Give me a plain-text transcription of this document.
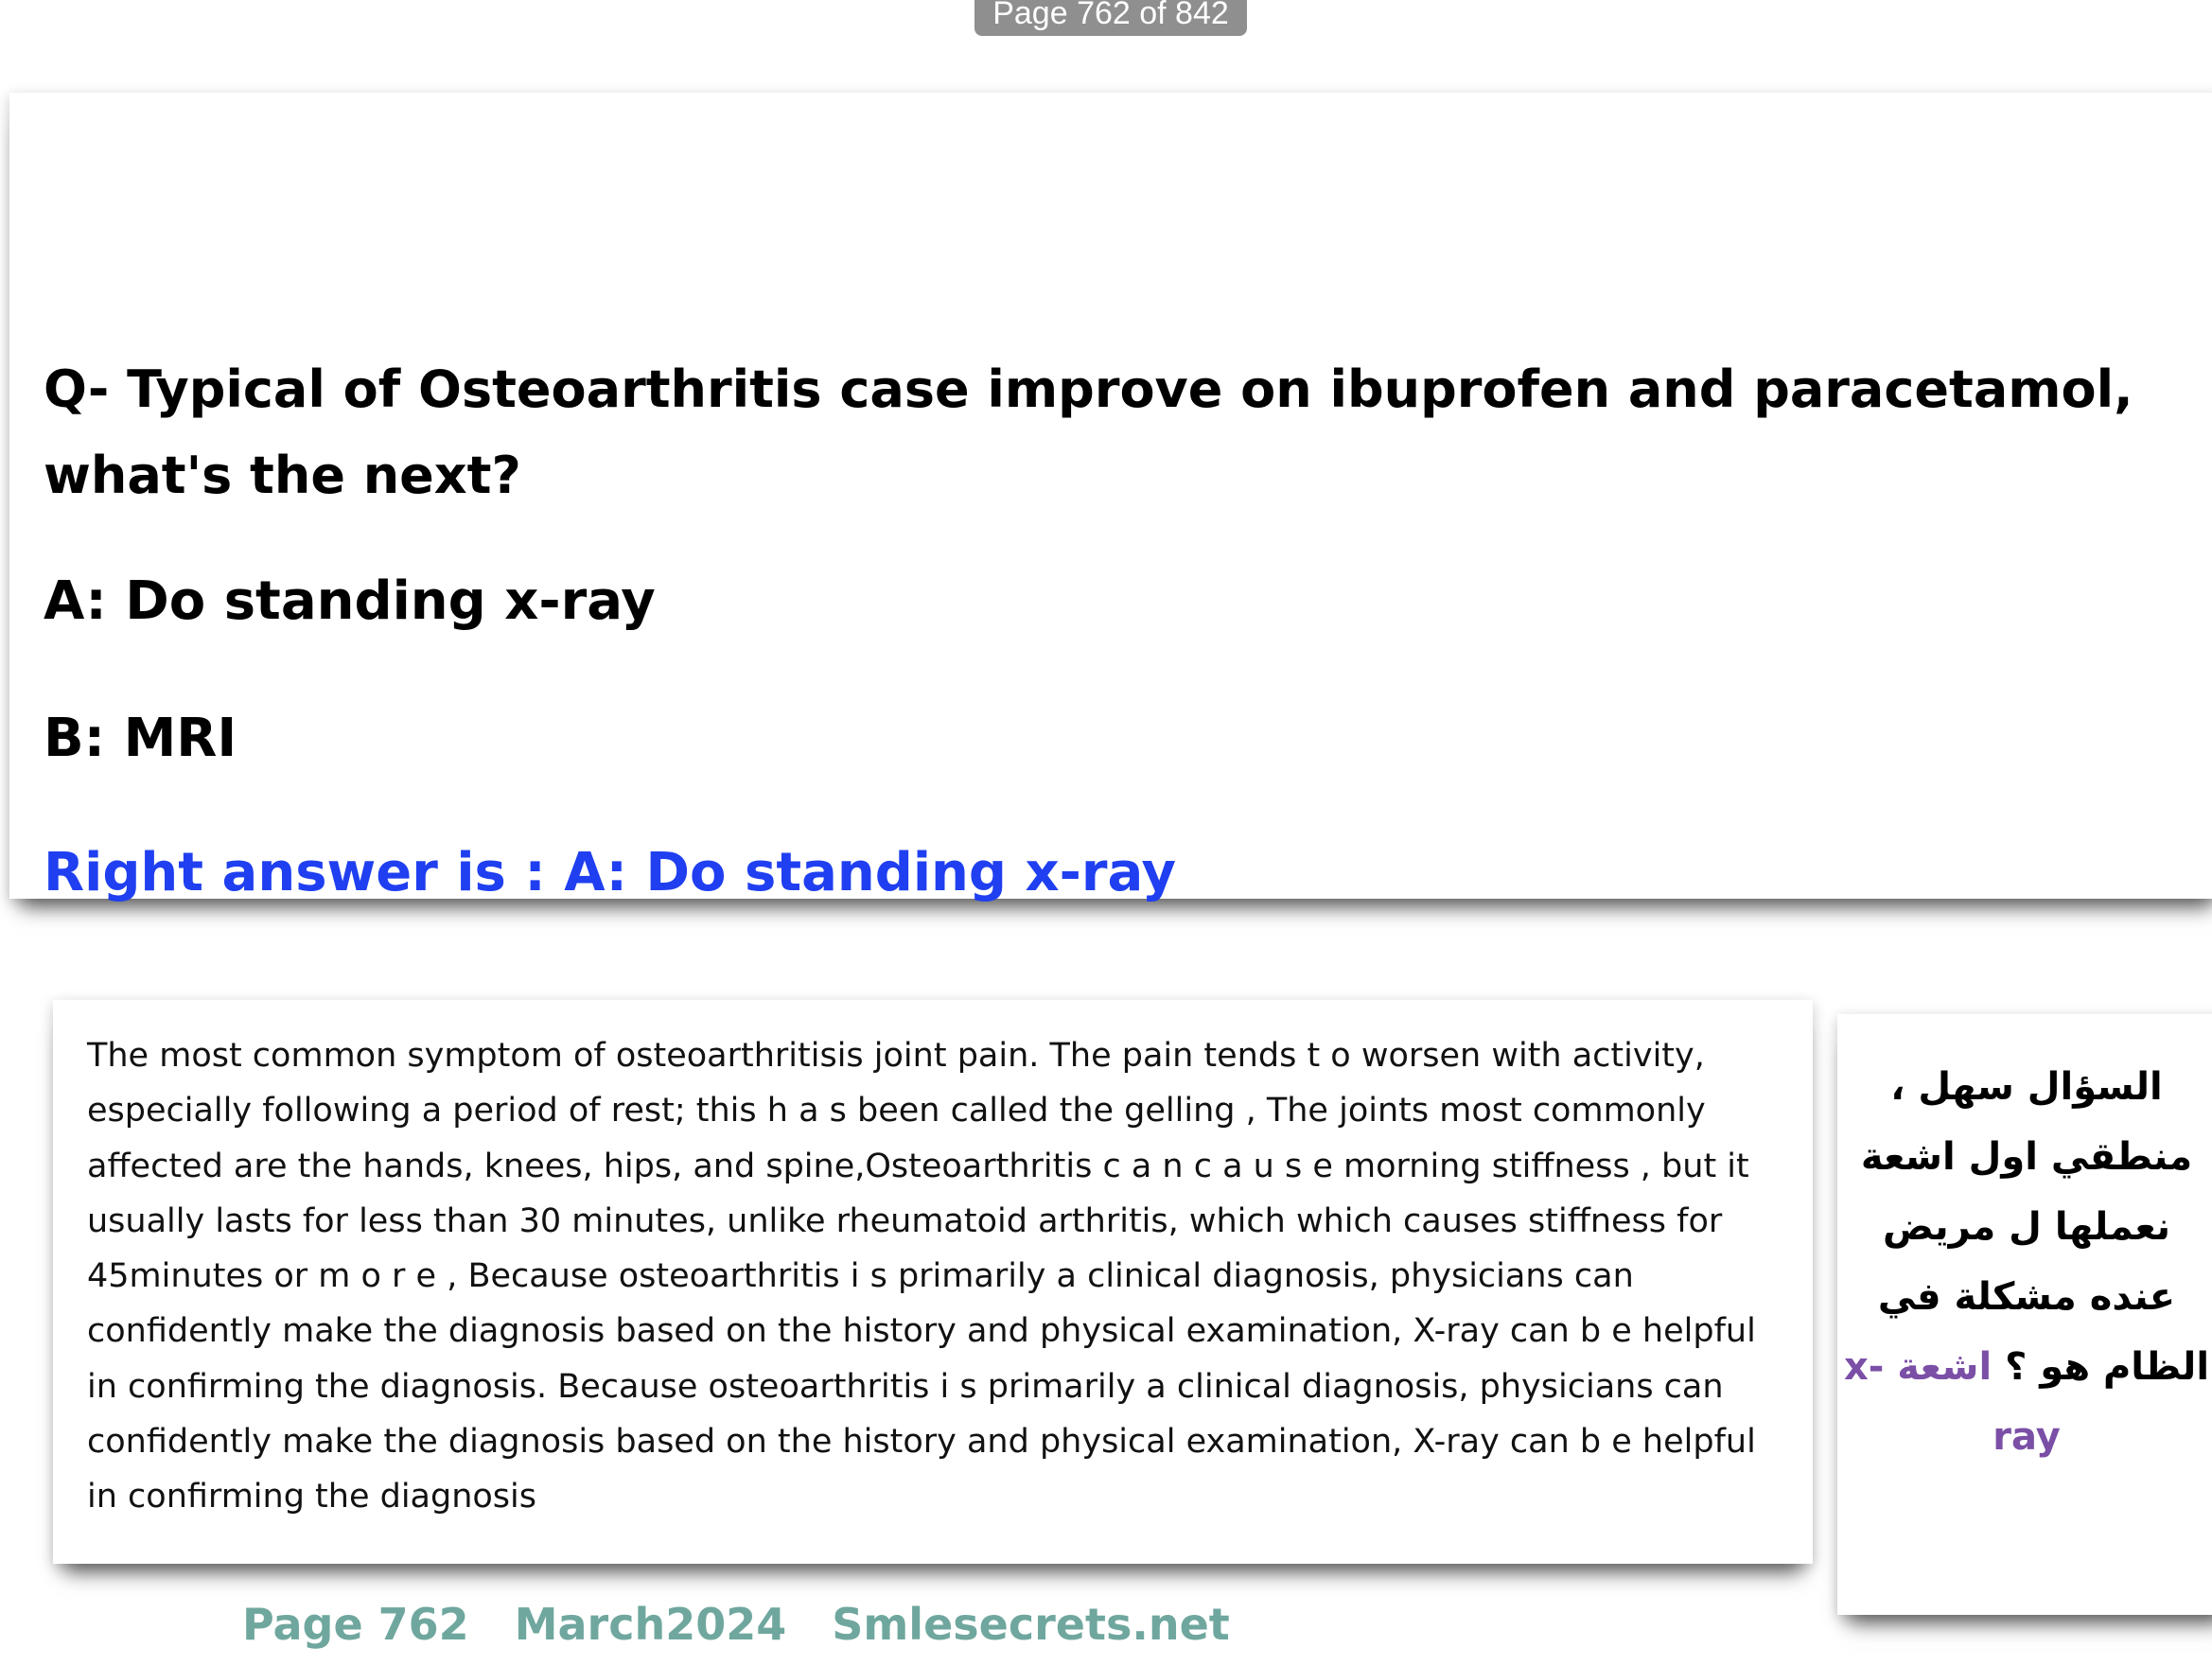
Page 762 of 842

Q- Typical of Osteoarthritis case improve on ibuprofen and paracetamol, what's the next?

A: Do standing x-ray

B: MRI

Right answer is : A: Do standing x-ray

The most common symptom of osteoarthritisis joint pain. The pain tends t o worsen with activity, especially following a period of rest; this h a s been called the gelling , The joints most commonly affected are the hands, knees, hips, and spine,Osteoarthritis c a n c a u s e morning stiffness , but it usually lasts for less than 30 minutes, unlike rheumatoid arthritis, which which causes stiffness for 45minutes or m o r e , Because osteoarthritis i s primarily a clinical diagnosis, physicians can confidently make the diagnosis based on the history and physical examination, X-ray can b e helpful in confirming the diagnosis. Because osteoarthritis i s primarily a clinical diagnosis, physicians can confidently make the diagnosis based on the history and physical examination, X-ray can b e helpful in confirming the diagnosis

السؤال سهل ، منطقي اول اشعة نعملها ل مريض عنده مشكلة في الظام هو ؟ اشعة x-ray

Page 762 March2024 Smlesecrets.net
